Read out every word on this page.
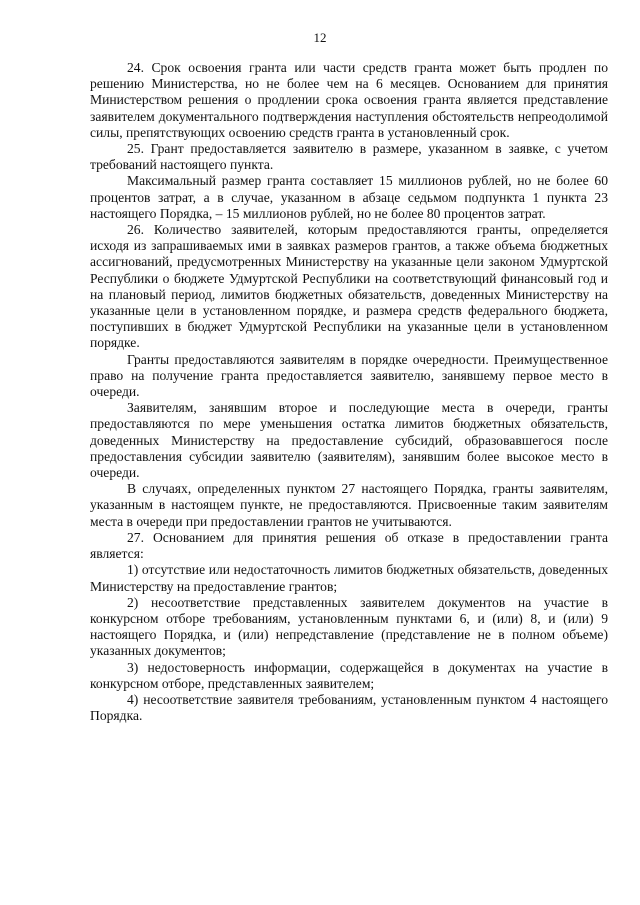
12

24. Срок освоения гранта или части средств гранта может быть продлен по решению Министерства, но не более чем на 6 месяцев. Основанием для принятия Министерством решения о продлении срока освоения гранта является представление заявителем документального подтверждения наступления обстоятельств непреодолимой силы, препятствующих освоению средств гранта в установленный срок.

25. Грант предоставляется заявителю в размере, указанном в заявке, с учетом требований настоящего пункта.

Максимальный размер гранта составляет 15 миллионов рублей, но не более 60 процентов затрат, а в случае, указанном в абзаце седьмом подпункта 1 пункта 23 настоящего Порядка, – 15 миллионов рублей, но не более 80 процентов затрат.

26. Количество заявителей, которым предоставляются гранты, определяется исходя из запрашиваемых ими в заявках размеров грантов, а также объема бюджетных ассигнований, предусмотренных Министерству на указанные цели законом Удмуртской Республики о бюджете Удмуртской Республики на соответствующий финансовый год и на плановый период, лимитов бюджетных обязательств, доведенных Министерству на указанные цели в установленном порядке, и размера средств федерального бюджета, поступивших в бюджет Удмуртской Республики на указанные цели в установленном порядке.

Гранты предоставляются заявителям в порядке очередности. Преимущественное право на получение гранта предоставляется заявителю, занявшему первое место в очереди.

Заявителям, занявшим второе и последующие места в очереди, гранты предоставляются по мере уменьшения остатка лимитов бюджетных обязательств, доведенных Министерству на предоставление субсидий, образовавшегося после предоставления субсидии заявителю (заявителям), занявшим более высокое место в очереди.

В случаях, определенных пунктом 27 настоящего Порядка, гранты заявителям, указанным в настоящем пункте, не предоставляются. Присвоенные таким заявителям места в очереди при предоставлении грантов не учитываются.

27. Основанием для принятия решения об отказе в предоставлении гранта является:

1) отсутствие или недостаточность лимитов бюджетных обязательств, доведенных Министерству на предоставление грантов;

2) несоответствие представленных заявителем документов на участие в конкурсном отборе требованиям, установленным пунктами 6, и (или) 8, и (или) 9 настоящего Порядка, и (или) непредставление (представление не в полном объеме) указанных документов;

3) недостоверность информации, содержащейся в документах на участие в конкурсном отборе, представленных заявителем;

4) несоответствие заявителя требованиям, установленным пунктом 4 настоящего Порядка.
